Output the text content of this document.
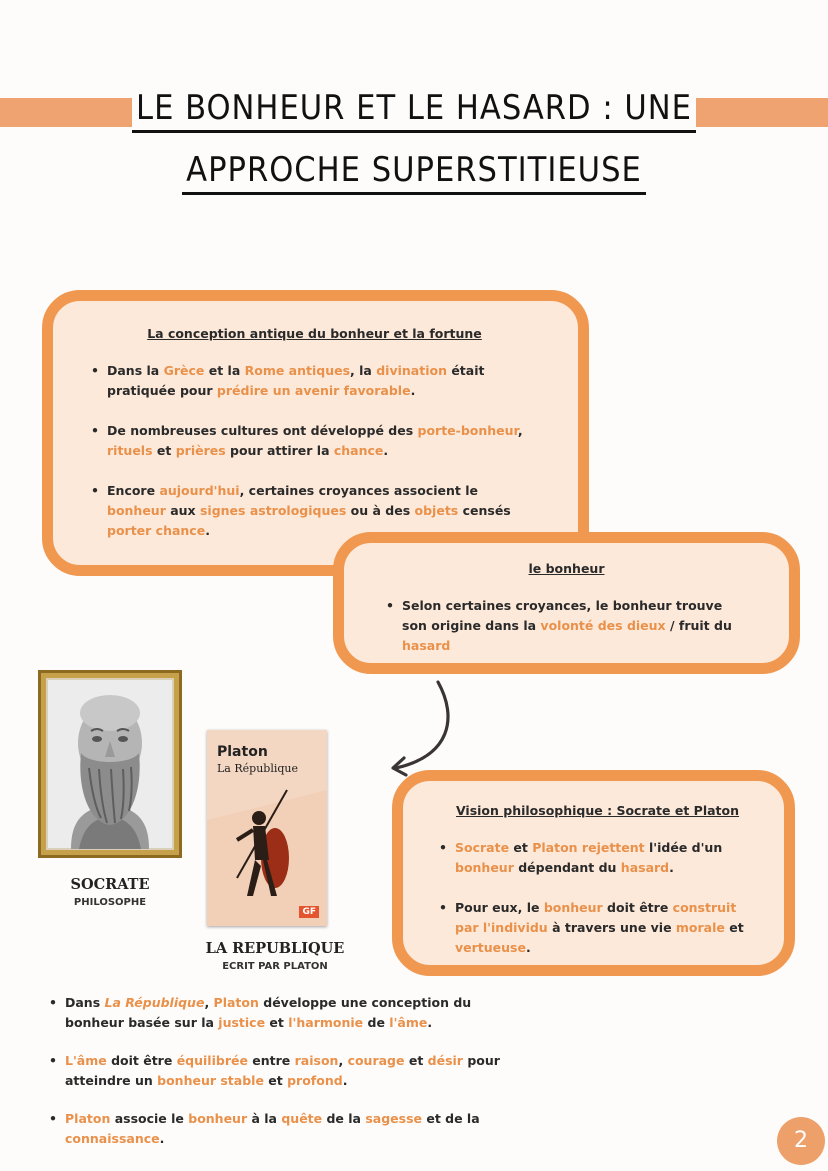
LE BONHEUR ET LE HASARD : UNE
APPROCHE SUPERSTITIEUSE
La conception antique du bonheur et la fortune
• Dans la Grèce et la Rome antiques, la divination était pratiquée pour prédire un avenir favorable.
• De nombreuses cultures ont développé des porte-bonheur, rituels et prières pour attirer la chance.
• Encore aujourd'hui, certaines croyances associent le bonheur aux signes astrologiques ou à des objets censés porter chance.
le bonheur
• Selon certaines croyances, le bonheur trouve son origine dans la volonté des dieux / fruit du hasard
Vision philosophique : Socrate et Platon
• Socrate et Platon rejettent l'idée d'un bonheur dépendant du hasard.
• Pour eux, le bonheur doit être construit par l'individu à travers une vie morale et vertueuse.
SOCRATE
PHILOSOPHE
Platon
La République
GF
LA REPUBLIQUE
ECRIT PAR PLATON
• Dans La République, Platon développe une conception du bonheur basée sur la justice et l'harmonie de l'âme.
• L'âme doit être équilibrée entre raison, courage et désir pour atteindre un bonheur stable et profond.
• Platon associe le bonheur à la quête de la sagesse et de la connaissance.	2
